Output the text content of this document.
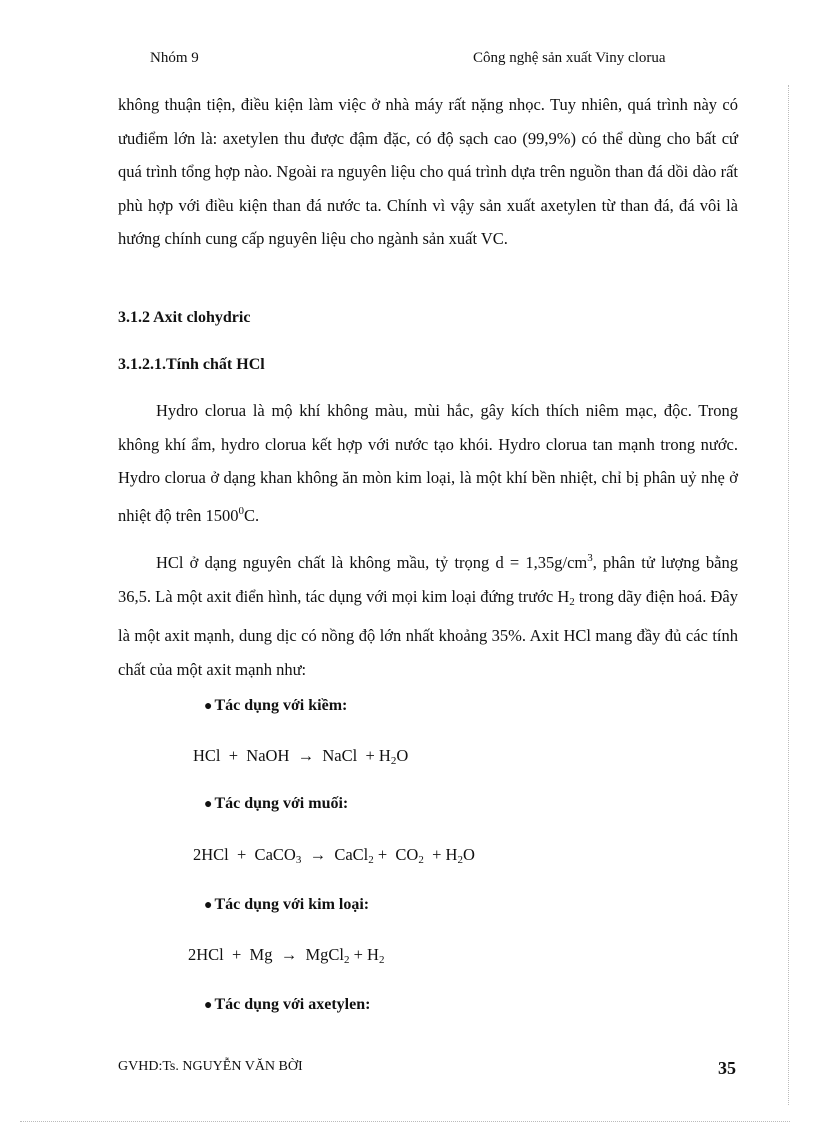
Nhóm 9	Công nghệ sản xuất Viny clorua

không thuận tiện, điều kiện làm việc ở nhà máy rất nặng nhọc. Tuy nhiên, quá trình này có ưuđiểm lớn là: axetylen thu được đậm đặc, có độ sạch cao (99,9%) có thể dùng cho bất cứ quá trình tổng hợp nào. Ngoài ra nguyên liệu cho quá trình dựa trên nguồn than đá dồi dào rất phù hợp với điều kiện than đá nước ta. Chính vì vậy sản xuất axetylen từ than đá, đá vôi là hướng chính cung cấp nguyên liệu cho ngành sản xuất VC.

3.1.2 Axit clohydric
3.1.2.1.Tính chất HCl

Hydro clorua là mộ khí không màu, mùi hắc, gây kích thích niêm mạc, độc. Trong không khí ẩm, hydro clorua kết hợp với nước tạo khói. Hydro clorua tan mạnh trong nước. Hydro clorua ở dạng khan không ăn mòn kim loại, là một khí bền nhiệt, chỉ bị phân uỷ nhẹ ở nhiệt độ trên 1500$^0$C.

HCl ở dạng nguyên chất là không mầu, tỷ trọng $d = 1,35g/cm^3$, phân tử lượng bằng 36,5. Là một axit điển hình, tác dụng với mọi kim loại đứng trước $H_2$ trong dãy điện hoá. Đây là một axit mạnh, dung dịc có nồng độ lớn nhất khoảng 35%. Axit HCl mang đầy đủ các tính chất của một axit mạnh như:

● Tác dụng với kiềm:
HCl  +  NaOH  →  NaCl  + $H_2O$
● Tác dụng với muối:
2HCl  +  CaCO$_3$  →  CaCl$_2$ +  $CO_2 + H_2O$
● Tác dụng với kim loại:
2HCl  +  Mg  →  MgCl$_2$ + $H_2$
● Tác dụng với axetylen:
GVHD:Ts. NGUYỄN VĂN BỜI	35
